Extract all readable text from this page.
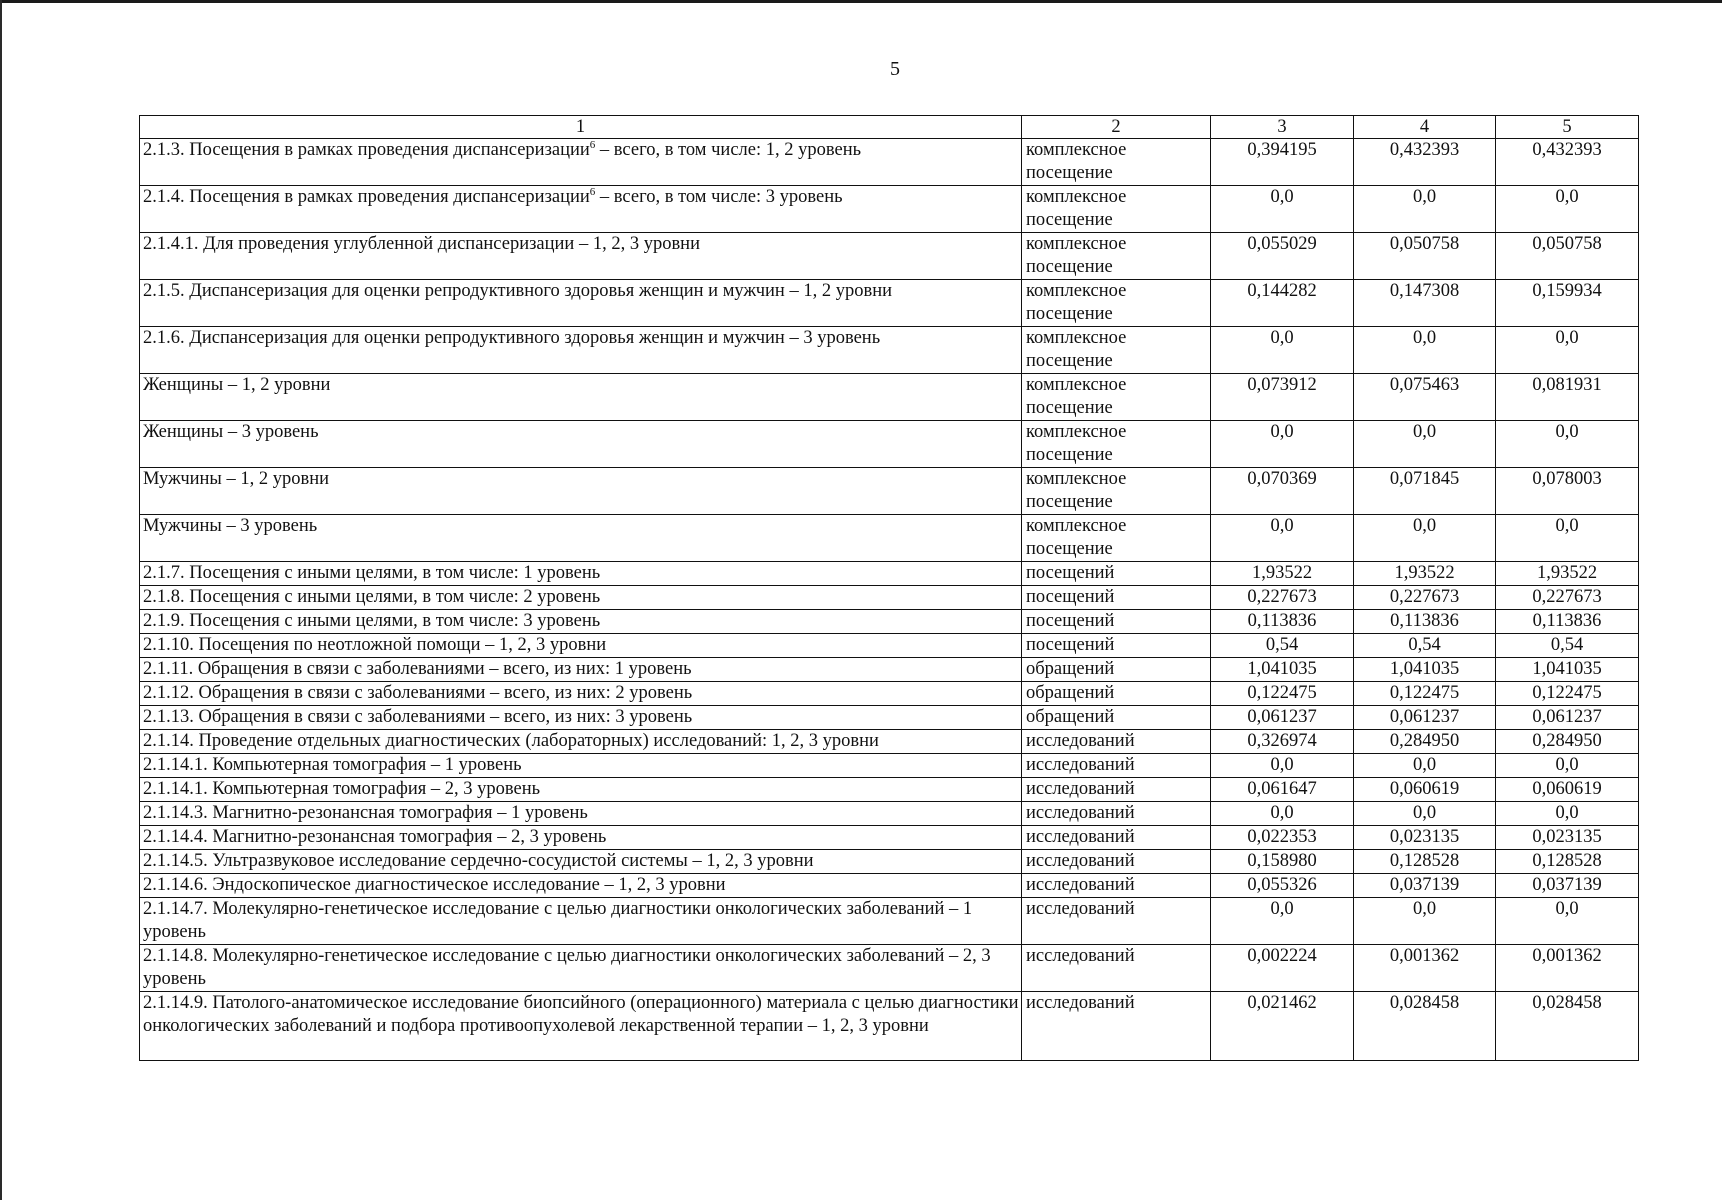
5
1	2	3	4	5
2.1.3. Посещения в рамках проведения диспансеризации$^6$ – всего, в том числе: 1, 2 уровень	комплексное посещение	0,394195	0,432393	0,432393
2.1.4. Посещения в рамках проведения диспансеризации$^6$ – всего, в том числе: 3 уровень	комплексное посещение	0,0	0,0	0,0
2.1.4.1. Для проведения углубленной диспансеризации – 1, 2, 3 уровни	комплексное посещение	0,055029	0,050758	0,050758
2.1.5. Диспансеризация для оценки репродуктивного здоровья женщин и мужчин – 1, 2 уровни	комплексное посещение	0,144282	0,147308	0,159934
2.1.6. Диспансеризация для оценки репродуктивного здоровья женщин и мужчин – 3 уровень	комплексное посещение	0,0	0,0	0,0
Женщины – 1, 2 уровни	комплексное посещение	0,073912	0,075463	0,081931
Женщины – 3 уровень	комплексное посещение	0,0	0,0	0,0
Мужчины – 1, 2 уровни	комплексное посещение	0,070369	0,071845	0,078003
Мужчины – 3 уровень	комплексное посещение	0,0	0,0	0,0
2.1.7. Посещения с иными целями, в том числе: 1 уровень	посещений	1,93522	1,93522	1,93522
2.1.8. Посещения с иными целями, в том числе: 2 уровень	посещений	0,227673	0,227673	0,227673
2.1.9. Посещения с иными целями, в том числе: 3 уровень	посещений	0,113836	0,113836	0,113836
2.1.10. Посещения по неотложной помощи – 1, 2, 3 уровни	посещений	0,54	0,54	0,54
2.1.11. Обращения в связи с заболеваниями – всего, из них: 1 уровень	обращений	1,041035	1,041035	1,041035
2.1.12. Обращения в связи с заболеваниями – всего, из них: 2 уровень	обращений	0,122475	0,122475	0,122475
2.1.13. Обращения в связи с заболеваниями – всего, из них: 3 уровень	обращений	0,061237	0,061237	0,061237
2.1.14. Проведение отдельных диагностических (лабораторных) исследований: 1, 2, 3 уровни	исследований	0,326974	0,284950	0,284950
2.1.14.1. Компьютерная томография – 1 уровень	исследований	0,0	0,0	0,0
2.1.14.1. Компьютерная томография – 2, 3 уровень	исследований	0,061647	0,060619	0,060619
2.1.14.3. Магнитно-резонансная томография – 1 уровень	исследований	0,0	0,0	0,0
2.1.14.4. Магнитно-резонансная томография – 2, 3 уровень	исследований	0,022353	0,023135	0,023135
2.1.14.5. Ультразвуковое исследование сердечно-сосудистой системы – 1, 2, 3 уровни	исследований	0,158980	0,128528	0,128528
2.1.14.6. Эндоскопическое диагностическое исследование – 1, 2, 3 уровни	исследований	0,055326	0,037139	0,037139
2.1.14.7. Молекулярно-генетическое исследование с целью диагностики онкологических заболеваний – 1 уровень	исследований	0,0	0,0	0,0
2.1.14.8. Молекулярно-генетическое исследование с целью диагностики онкологических заболеваний – 2, 3 уровень	исследований	0,002224	0,001362	0,001362
2.1.14.9. Патолого-анатомическое исследование биопсийного (операционного) материала с целью диагностики онкологических заболеваний и подбора противоопухолевой лекарственной терапии – 1, 2, 3 уровни	исследований	0,021462	0,028458	0,028458
